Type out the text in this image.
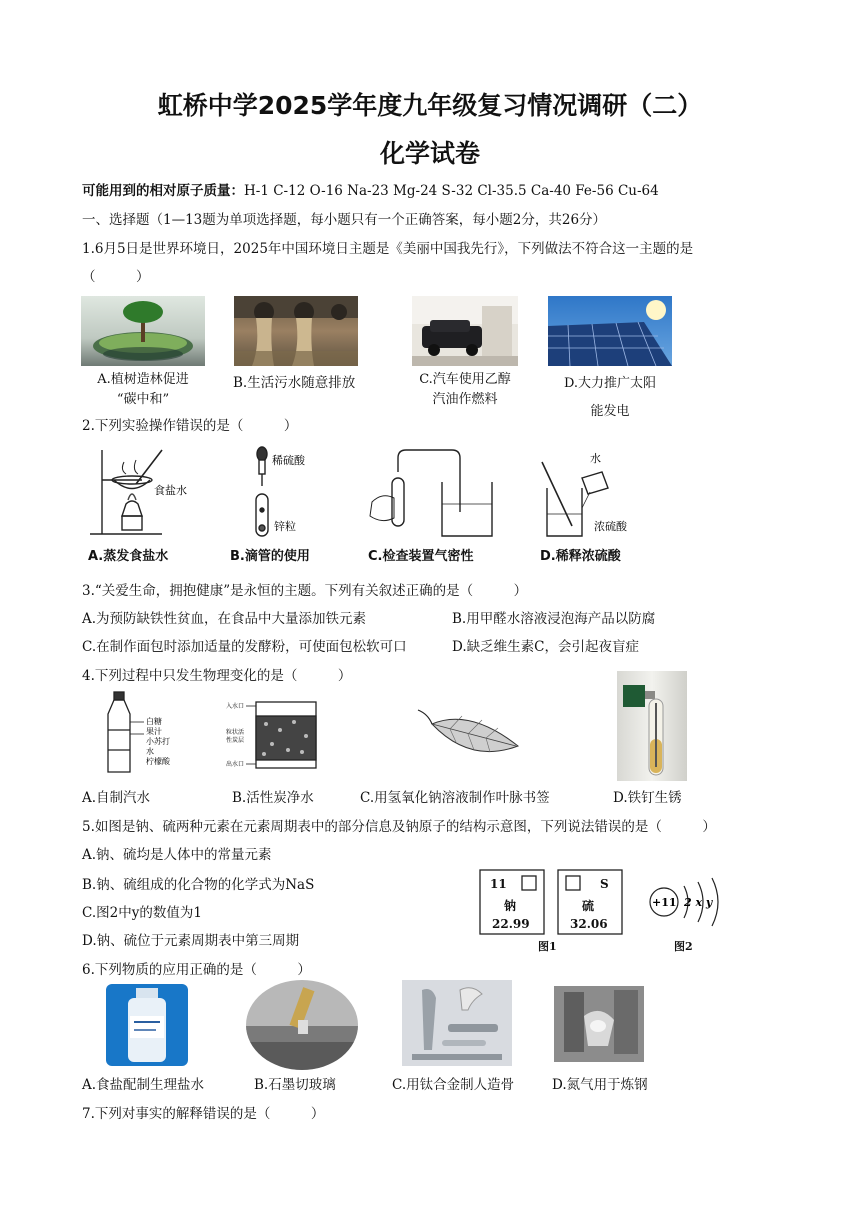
虹桥中学2025学年度九年级复习情况调研（二）
化学试卷
可能用到的相对原子质量：H-1 C-12 O-16 Na-23 Mg-24 S-32 Cl-35.5 Ca-40 Fe-56 Cu-64
一、选择题（1—13题为单项选择题，每小题只有一个正确答案，每小题2分，共26分）
1.6月5日是世界环境日，2025年中国环境日主题是《美丽中国我先行》，下列做法不符合这一主题的是
（　　　）
A.植树造林促进
“碳中和”
B.生活污水随意排放	C.汽车使用乙醇
汽油作燃料
D.大力推广太阳
能发电
2.下列实验操作错误的是（　　　）
食盐水
稀硫酸
锌粒
水
浓硫酸
A.蒸发食盐水	B.滴管的使用	C.检查装置气密性	D.稀释浓硫酸
3.“关爱生命，拥抱健康”是永恒的主题。下列有关叙述正确的是（　　　）
A.为预防缺铁性贫血，在食品中大量添加铁元素	B.用甲醛水溶液浸泡海产品以防腐
C.在制作面包时添加适量的发酵粉，可使面包松软可口	D.缺乏维生素C，会引起夜盲症
4.下列过程中只发生物理变化的是（　　　）
白糖
果汁
小苏打
水
柠檬酸
入水口
粒状活
性炭层
出水口
A.自制汽水	B.活性炭净水	C.用氢氧化钠溶液制作叶脉书签	D.铁钉生锈
5.如图是钠、硫两种元素在元素周期表中的部分信息及钠原子的结构示意图，下列说法错误的是（　　　）
A.钠、硫均是人体中的常量元素
B.钠、硫组成的化合物的化学式为NaS
C.图2中y的数值为1
D.钠、硫位于元素周期表中第三周期
11
钠
22.99
S
硫
32.06
图1	图2
+11 2 x y
6.下列物质的应用正确的是（　　　）
A.食盐配制生理盐水	B.石墨切玻璃	C.用钛合金制人造骨	D.氮气用于炼钢
7.下列对事实的解释错误的是（　　　）
